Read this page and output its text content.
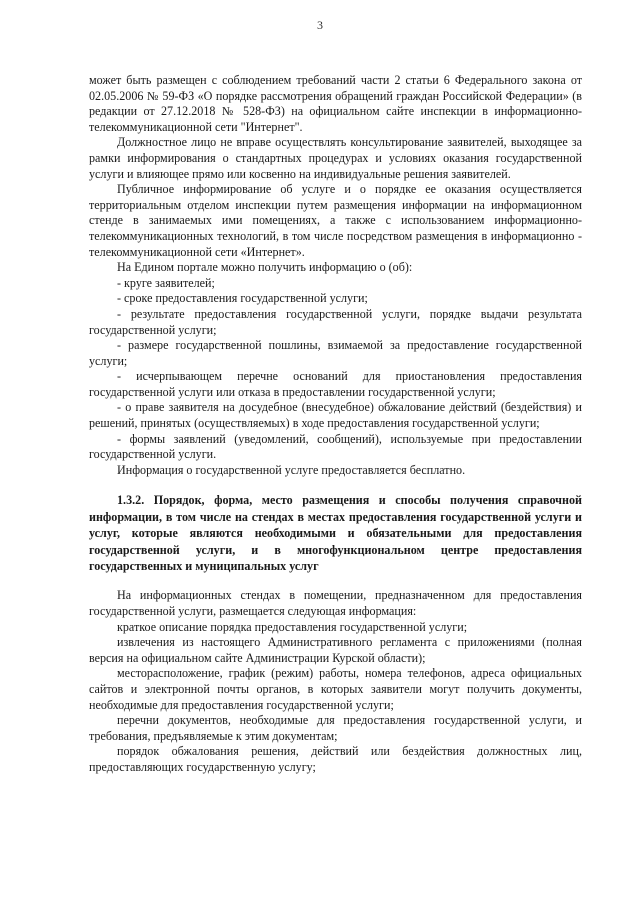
3

может быть размещен с соблюдением требований части 2 статьи 6 Федерального закона от 02.05.2006 № 59-ФЗ «О порядке рассмотрения обращений граждан Российской Федерации» (в редакции от 27.12.2018 № 528-ФЗ) на официальном сайте инспекции в информационно-телекоммуникационной сети "Интернет".

Должностное лицо не вправе осуществлять консультирование заявителей, выходящее за рамки информирования о стандартных процедурах и условиях оказания государственной услуги и влияющее прямо или косвенно на индивидуальные решения заявителей.

Публичное информирование об услуге и о порядке ее оказания осуществляется территориальным отделом инспекции путем размещения информации на информационном стенде в занимаемых ими помещениях, а также с использованием информационно-телекоммуникационных технологий, в том числе посредством размещения в информационно - телекоммуникационной сети «Интернет».

На Едином портале можно получить информацию о (об):

- круге заявителей;

- сроке предоставления государственной услуги;

- результате предоставления государственной услуги, порядке выдачи результата государственной услуги;

- размере государственной пошлины, взимаемой за предоставление государственной услуги;

- исчерпывающем перечне оснований для приостановления предоставления государственной услуги или отказа в предоставлении государственной услуги;

- о праве заявителя на досудебное (внесудебное) обжалование действий (бездействия) и решений, принятых (осуществляемых) в ходе предоставления государственной услуги;

- формы заявлений (уведомлений, сообщений), используемые при предоставлении государственной услуги.

Информация о государственной услуге предоставляется бесплатно.

1.3.2. Порядок, форма, место размещения и способы получения справочной информации, в том числе на стендах в местах предоставления государственной услуги и услуг, которые являются необходимыми и обязательными для предоставления государственной услуги, и в многофункциональном центре предоставления государственных и муниципальных услуг

На информационных стендах в помещении, предназначенном для предоставления государственной услуги, размещается следующая информация:

краткое описание порядка предоставления государственной услуги;

извлечения из настоящего Административного регламента с приложениями (полная версия на официальном сайте Администрации Курской области);

месторасположение, график (режим) работы, номера телефонов, адреса официальных сайтов и электронной почты органов, в которых заявители могут получить документы, необходимые для предоставления государственной услуги;

перечни документов, необходимые для предоставления государственной услуги, и требования, предъявляемые к этим документам;

порядок обжалования решения, действий или бездействия должностных лиц, предоставляющих государственную услугу;
